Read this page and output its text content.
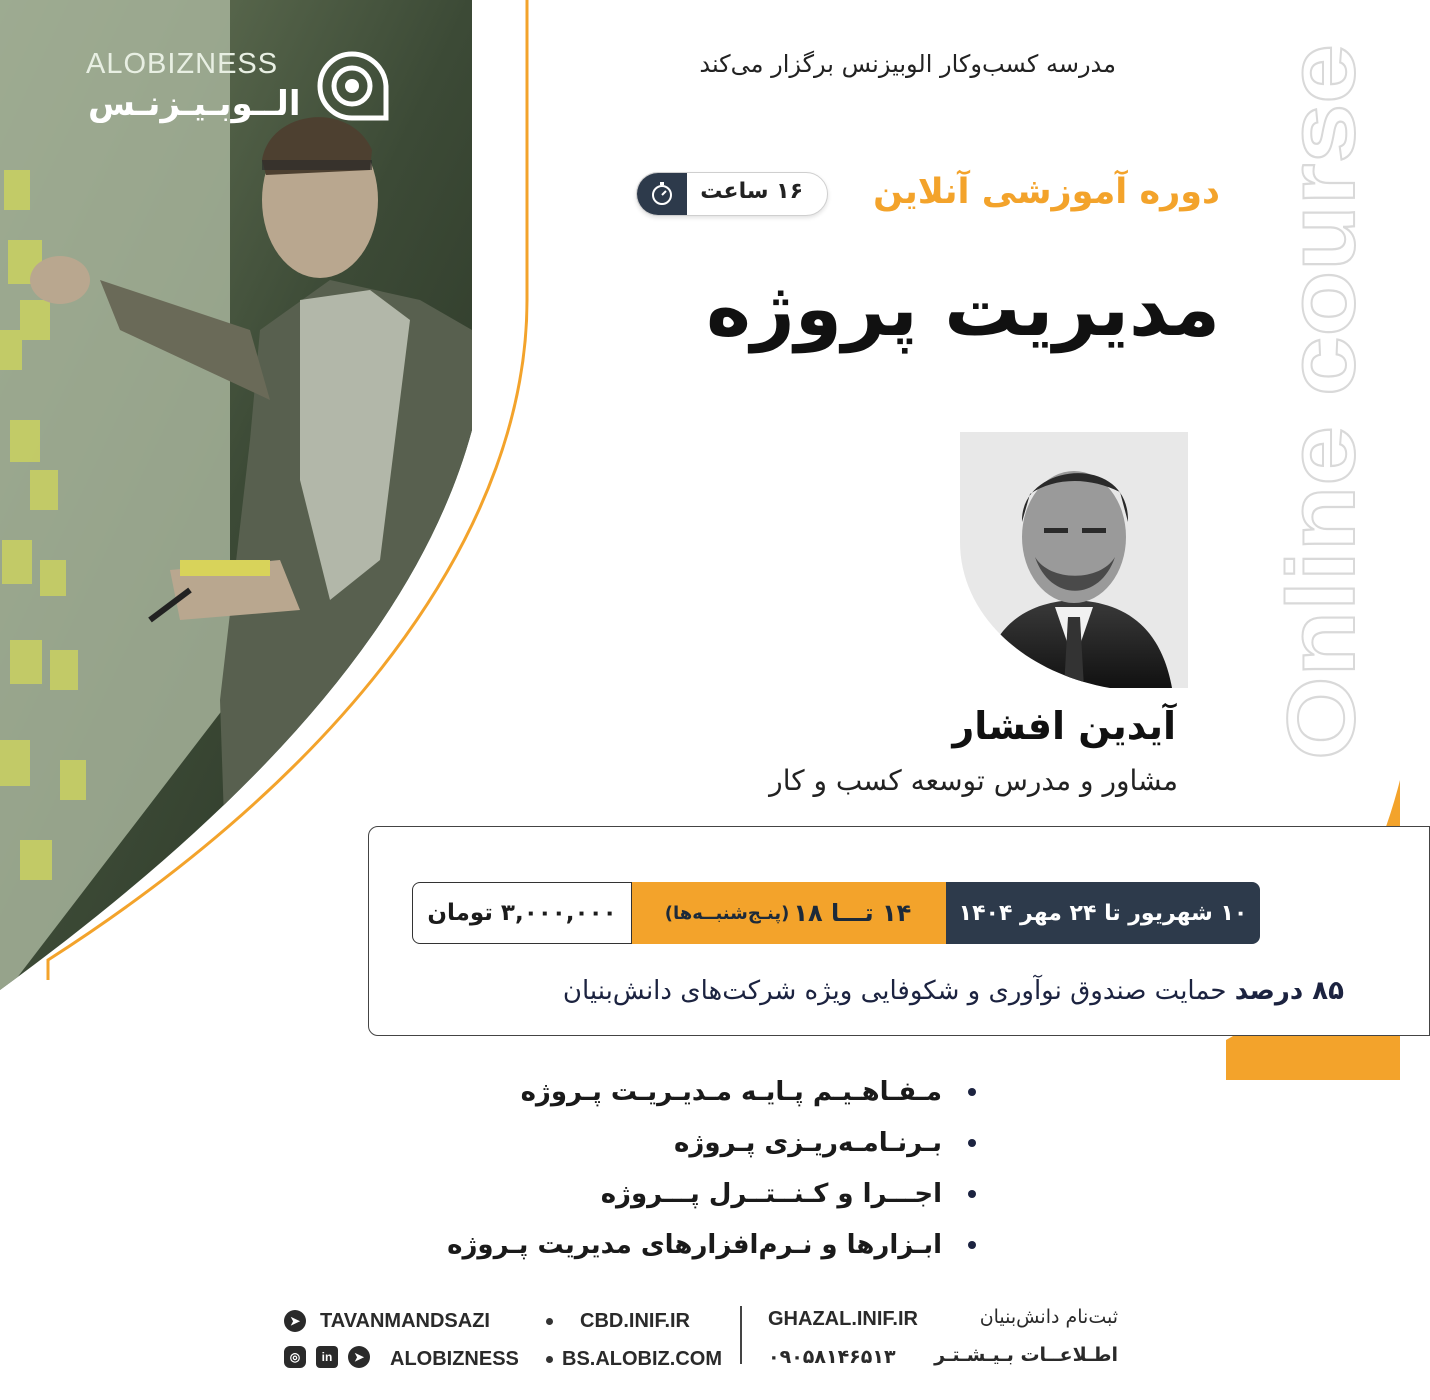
ALOBIZNESS
الــوبـیـزنـس
مدرسه کسب‌وکار الوبیزنس برگزار می‌کند
دوره آموزشی آنلاین
۱۶ ساعت
مدیریت پروژه Online course
آیدین افشار
مشاور و مدرس توسعه کسب و کار
۱۰ شهریور تا ۲۴ مهر ۱۴۰۴
۱۴ تـــا ۱۸
(پنـج‌شنبــه‌ها)
۳,۰۰۰,۰۰۰ تومان
۸۵ درصد حمایت صندوق نوآوری و شکوفایی ویژه شرکت‌های دانش‌بنیان
مـفـاهـیـم پـایـه مـدیـریـت پـروژه
بـرنـامـه‌ریـزی پـروژه
اجـــرا و کـنــتــرل پـــروژه
ابـزارها و نـرم‌افزارهای مدیریت پـروژه
ثبت‌نام دانش‌بنیان
GHAZAL.INIF.IR
اطـلاعــات بـیـشـتـر
۰۹۰۵۸۱۴۶۵۱۳
CBD.INIF.IR
BS.ALOBIZ.COM
➤ TAVANMANDSAZI
◎	in	➤ ALOBIZNESS
